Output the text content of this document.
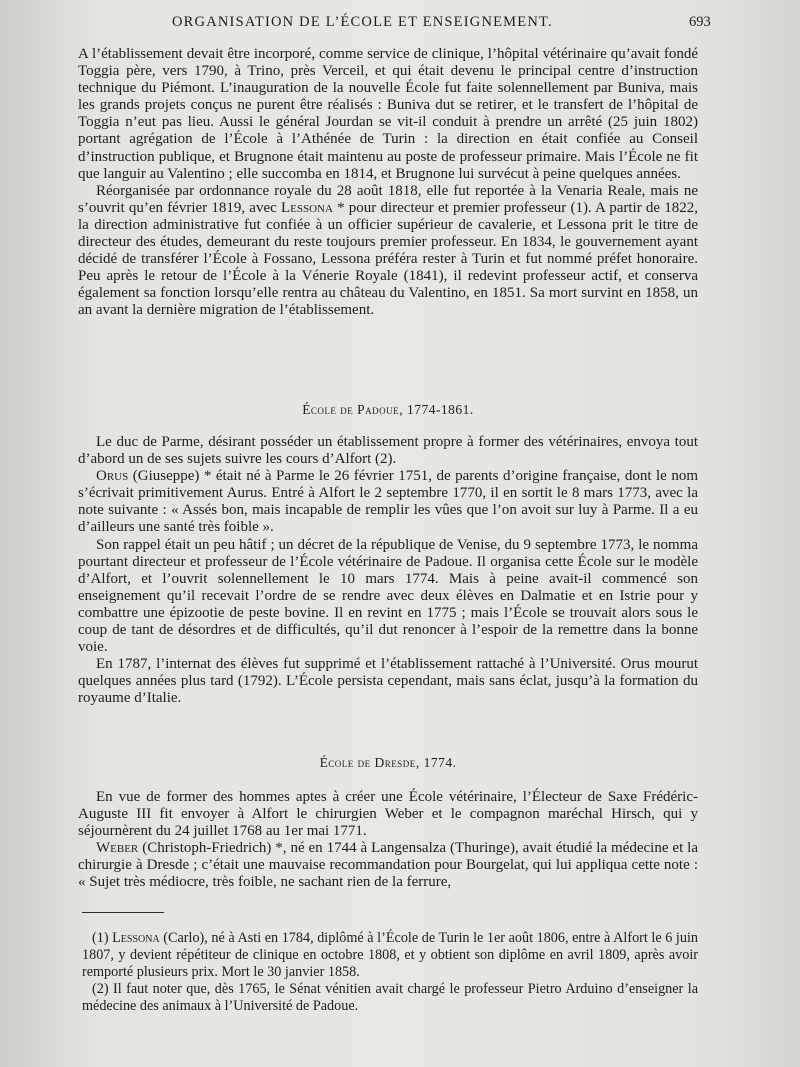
ORGANISATION DE L’ÉCOLE ET ENSEIGNEMENT.	693

A l’établissement devait être incorporé, comme service de clinique, l’hôpital vétérinaire qu’avait fondé Toggia père, vers 1790, à Trino, près Verceil, et qui était devenu le principal centre d’instruction technique du Piémont. L’inauguration de la nouvelle École fut faite solennellement par Buniva, mais les grands projets conçus ne purent être réalisés : Buniva dut se retirer, et le transfert de l’hôpital de Toggia n’eut pas lieu. Aussi le général Jourdan se vit-il conduit à prendre un arrêté (25 juin 1802) portant agrégation de l’École à l’Athénée de Turin : la direction en était confiée au Conseil d’instruction publique, et Brugnone était maintenu au poste de professeur primaire. Mais l’École ne fit que languir au Valentino ; elle succomba en 1814, et Brugnone lui survécut à peine quelques années.

Réorganisée par ordonnance royale du 28 août 1818, elle fut reportée à la Venaria Reale, mais ne s’ouvrit qu’en février 1819, avec Lessona * pour directeur et premier professeur (1). A partir de 1822, la direction administrative fut confiée à un officier supérieur de cavalerie, et Lessona prit le titre de directeur des études, demeurant du reste toujours premier professeur. En 1834, le gouvernement ayant décidé de transférer l’École à Fossano, Lessona préféra rester à Turin et fut nommé préfet honoraire. Peu après le retour de l’École à la Vénerie Royale (1841), il redevint professeur actif, et conserva également sa fonction lorsqu’elle rentra au château du Valentino, en 1851. Sa mort survint en 1858, un an avant la dernière migration de l’établissement.

École de Padoue, 1774-1861.

Le duc de Parme, désirant posséder un établissement propre à former des vétérinaires, envoya tout d’abord un de ses sujets suivre les cours d’Alfort (2).

Orus (Giuseppe) * était né à Parme le 26 février 1751, de parents d’origine française, dont le nom s’écrivait primitivement Aurus. Entré à Alfort le 2 septembre 1770, il en sortit le 8 mars 1773, avec la note suivante : « Assés bon, mais incapable de remplir les vûes que l’on avoit sur luy à Parme. Il a eu d’ailleurs une santé très foible ».

Son rappel était un peu hâtif ; un décret de la république de Venise, du 9 septembre 1773, le nomma pourtant directeur et professeur de l’École vétérinaire de Padoue. Il organisa cette École sur le modèle d’Alfort, et l’ouvrit solennellement le 10 mars 1774. Mais à peine avait-il commencé son enseignement qu’il recevait l’ordre de se rendre avec deux élèves en Dalmatie et en Istrie pour y combattre une épizootie de peste bovine. Il en revint en 1775 ; mais l’École se trouvait alors sous le coup de tant de désordres et de difficultés, qu’il dut renoncer à l’espoir de la remettre dans la bonne voie.

En 1787, l’internat des élèves fut supprimé et l’établissement rattaché à l’Université. Orus mourut quelques années plus tard (1792). L’École persista cependant, mais sans éclat, jusqu’à la formation du royaume d’Italie.

École de Dresde, 1774.

En vue de former des hommes aptes à créer une École vétérinaire, l’Électeur de Saxe Frédéric-Auguste III fit envoyer à Alfort le chirurgien Weber et le compagnon maréchal Hirsch, qui y séjournèrent du 24 juillet 1768 au 1er mai 1771.

Weber (Christoph-Friedrich) *, né en 1744 à Langensalza (Thuringe), avait étudié la médecine et la chirurgie à Dresde ; c’était une mauvaise recommandation pour Bourgelat, qui lui appliqua cette note : « Sujet très médiocre, très foible, ne sachant rien de la ferrure,

(1) Lessona (Carlo), né à Asti en 1784, diplômé à l’École de Turin le 1er août 1806, entre à Alfort le 6 juin 1807, y devient répétiteur de clinique en octobre 1808, et y obtient son diplôme en avril 1809, après avoir remporté plusieurs prix. Mort le 30 janvier 1858.

(2) Il faut noter que, dès 1765, le Sénat vénitien avait chargé le professeur Pietro Arduino d’enseigner la médecine des animaux à l’Université de Padoue.
